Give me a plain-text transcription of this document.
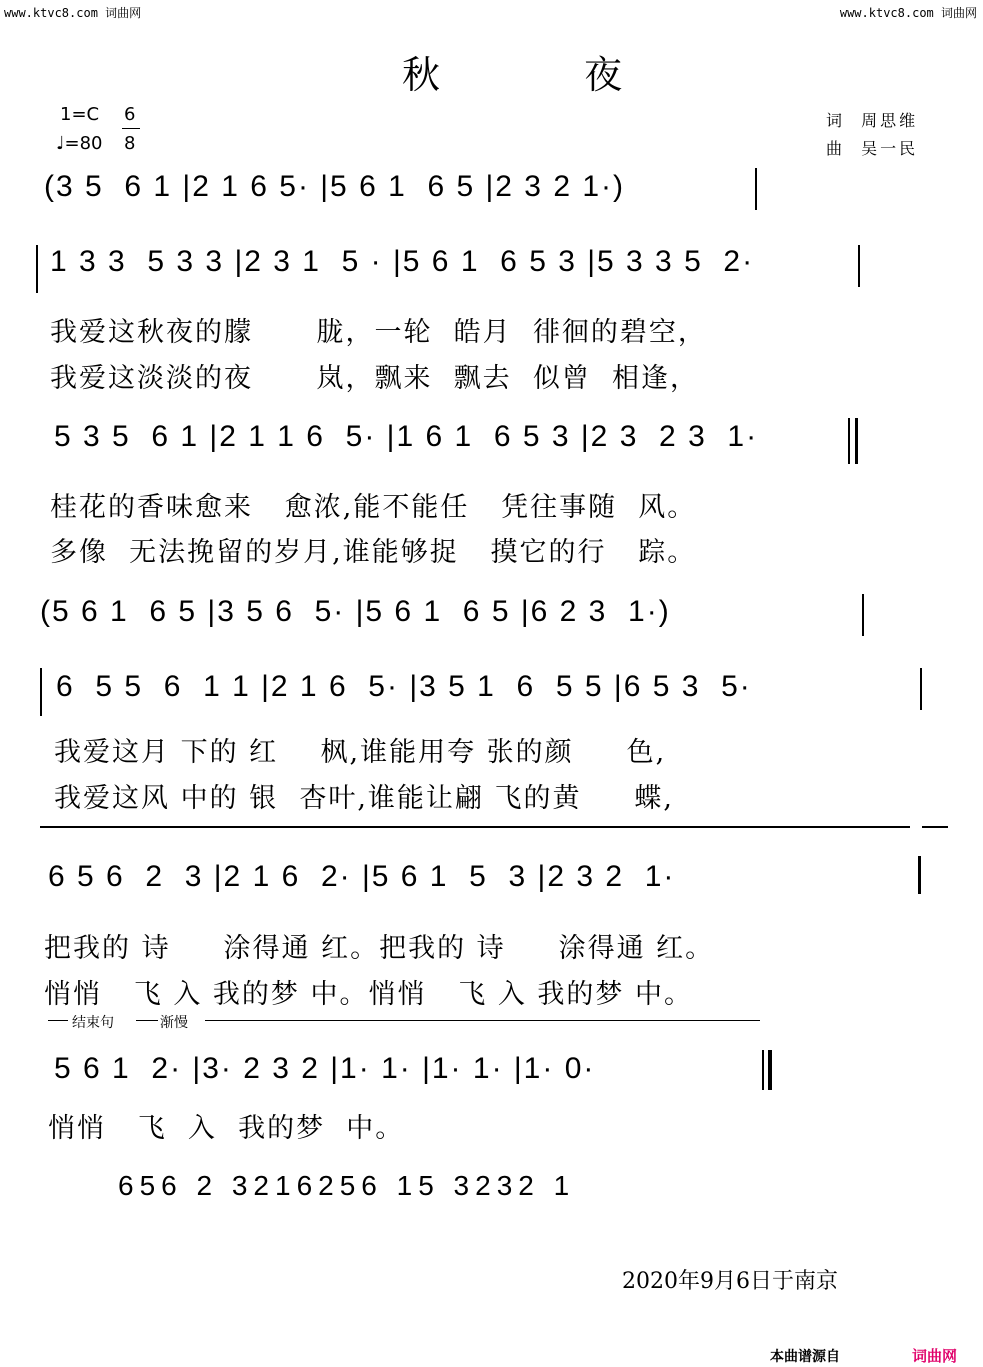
www.ktvc8.com 词曲网	www.ktvc8.com 词曲网
秋  夜
1=C
♩=80
6
8
词  周思维
曲  吴一民
(3 5  6 1 |2 1 6 5· |5 6 1  6 5 |2 3 2 1·)
1 3 3  5 3 3 |2 3 1  5 · |5 6 1  6 5 3 |5 3 3 5  2·
我爱这秋夜的朦      胧，一轮  皓月  徘徊的碧空，
我爱这淡淡的夜      岚，飘来  飘去  似曾  相逢，
5 3 5  6 1 |2 1 1 6  5· |1 6 1  6 5 3 |2 3  2 3  1·
桂花的香味愈来   愈浓,能不能任   凭往事随  风。
多像  无法挽留的岁月,谁能够捉   摸它的行   踪。
(5 6 1  6 5 |3 5 6  5· |5 6 1  6 5 |6 2 3  1·)
6  5 5  6  1 1 |2 1 6  5· |3 5 1  6  5 5 |6 5 3  5·
我爱这月 下的 红    枫,谁能用夸 张的颜     色,
我爱这风 中的 银  杏叶,谁能让翩 飞的黄     蝶,
6 5 6  2  3 |2 1 6  2· |5 6 1  5  3 |2 3 2  1·
把我的 诗     涂得通 红。把我的 诗     涂得通 红。
悄悄   飞 入 我的梦 中。悄悄   飞 入 我的梦 中。
结束句	渐慢
5 6 1  2· |3· 2 3 2 |1· 1· |1· 1· |1· 0·
悄悄   飞  入  我的梦  中。
656 2 3216256 15 3232 1
2020年9月6日于南京
本曲谱源自	词曲网
